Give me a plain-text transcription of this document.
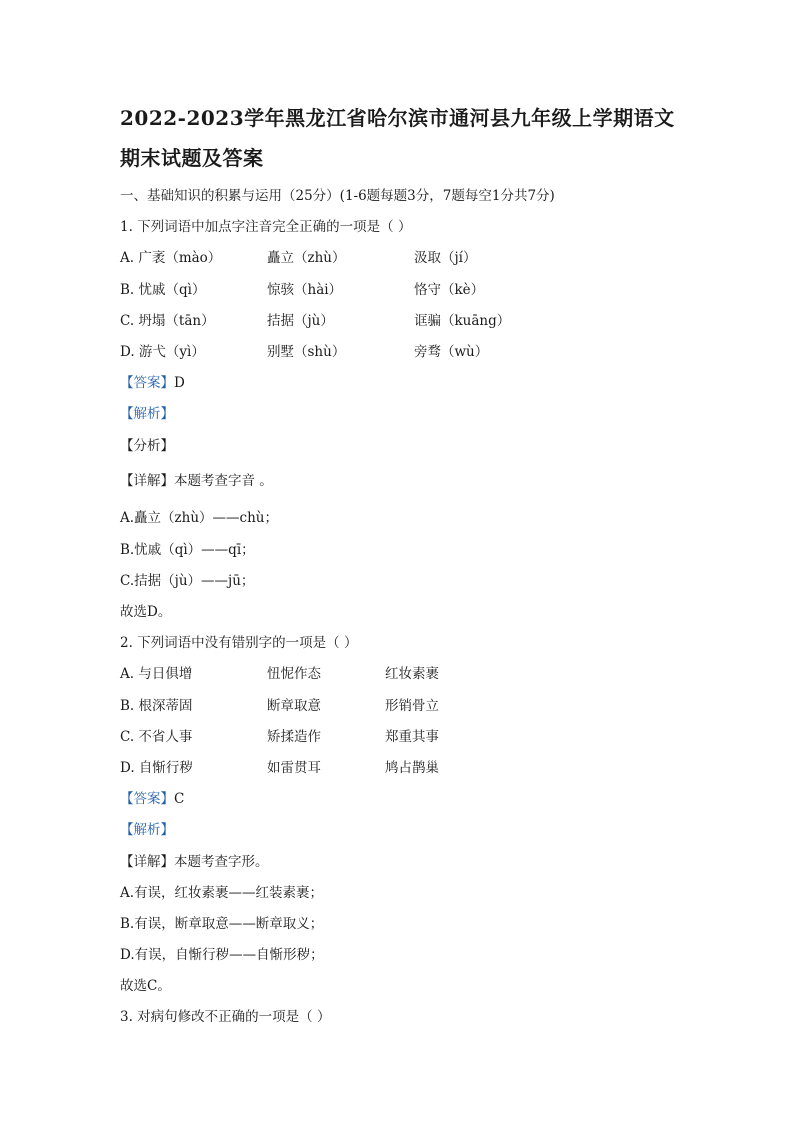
2022-2023学年黑龙江省哈尔滨市通河县九年级上学期语文
期末试题及答案
一、基础知识的积累与运用（25分）(1-6题每题3分，7题每空1分共7分)
1. 下列词语中加点字注音完全正确的一项是（ ）
A. 广袤（mào）	矗立（zhù）	汲取（jí）
B. 忧戚（qì）	惊骇（hài）	恪守（kè）
C. 坍塌（tān）	拮据（jù）	诓骗（kuāng）
D. 游弋（yì）	别墅（shù）	旁骛（wù）
【答案】D
【解析】
【分析】
【详解】本题考查字音 。
A.矗立（zhù）——chù；
B.忧戚（qì）——qī；
C.拮据（jù）——jū；
故选D。
2. 下列词语中没有错别字的一项是（ ）
A. 与日俱增	忸怩作态	红妆素裹
B. 根深蒂固	断章取意	形销骨立
C. 不省人事	矫揉造作	郑重其事
D. 自惭行秽	如雷贯耳	鸠占鹊巢
【答案】C
【解析】
【详解】本题考查字形。
A.有误，红妆素裹——红装素裹；
B.有误，断章取意——断章取义；
D.有误，自惭行秽——自惭形秽；
故选C。
3. 对病句修改不正确的一项是（ ）
